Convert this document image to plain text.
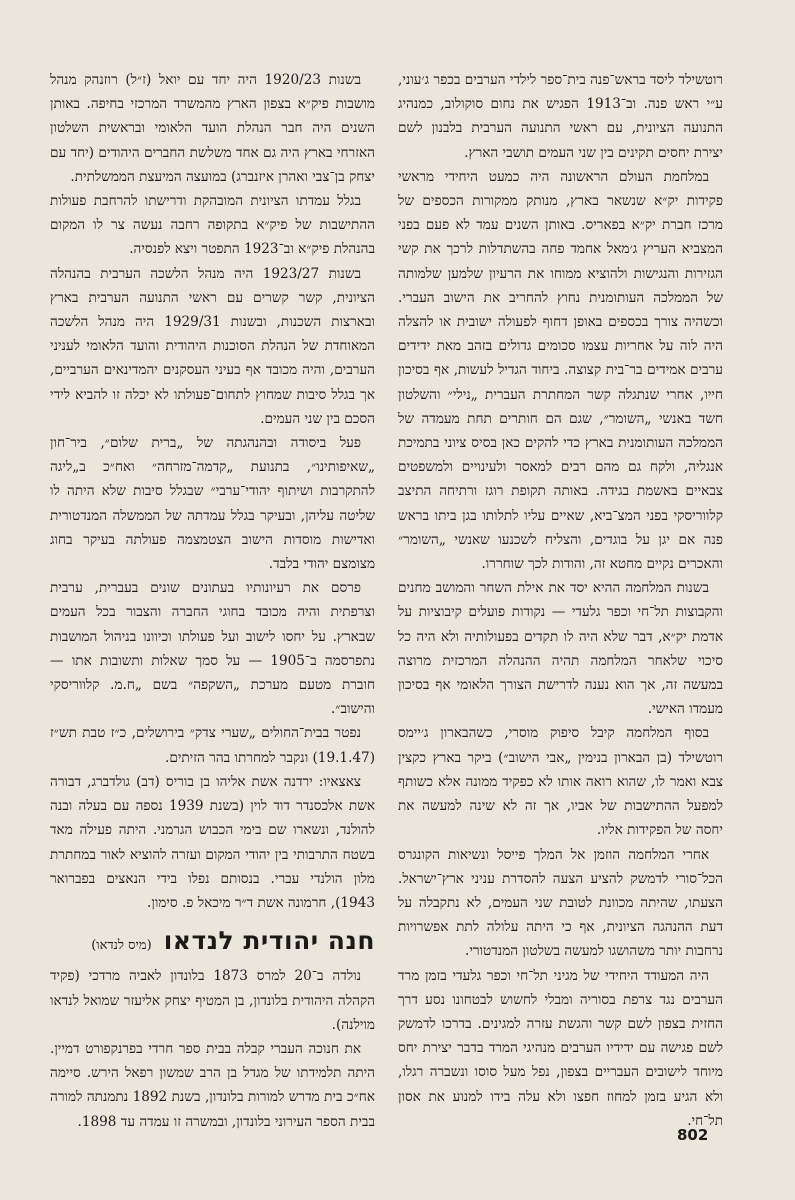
רוטשילד ליסד בראש־פנה בית־ספר לילדי הערבים בכפר ג׳עוני, ע״י ראש פנה. וב־1913 הפגיש את נחום סוקולוב, כמנהיג התנועה הציונית, עם ראשי התנועה הערבית בלבנון לשם יצירת יחסים תקינים בין שני העמים תושבי הארץ.

במלחמת העולם הראשונה היה כמעט היחידי מראשי פקידות יק״א שנשאר בארץ, מנותק ממקורות הכספים של מרכז חברת יק״א בפאריס. באותן השנים עמד לא פעם בפני המצביא העריץ ג׳מאל אחמד פחה בהשתדלות לרכך את קשי הגזירות והנגישות ולהוציא ממוחו את הרעיון שלמען שלמותה של הממלכה העותומנית נחוץ להחריב את הישוב העברי. וכשהיה צורך בכספים באופן דחוף לפעולה ישובית או להצלה היה לוה על אחריות עצמו סכומים גדולים בזהב מאת ידידים ערבים אמידים בר־בית קצוצה. ביחוד הגדיל לעשות, אף בסיכון חייו, אחרי שנתגלה קשר המחתרת העברית „נילי״ והשלטון חשד באנשי „השומר״, שגם הם חותרים תחת מעמדה של הממלכה העותומנית בארץ כדי להקים כאן בסיס ציוני בתמיכת אנגליה, ולקח גם מהם רבים למאסר ולעינויים ולמשפטים צבאיים באשמת בגידה. באותה תקופת רוגז ורתיחה התיצב קלווריסקי בפני המצ־ביא, שאיים עליו לתלותו בגן ביתו בראש פנה אם יגן על בוגדים, והצליח לשכנעו שאנשי „השומר״ והאכרים נקיים מחטא זה, והודות לכך שוחררו.

בשנות המלחמה ההיא יסד את אילת השחר והמושב מחנים והקבוצות תל־חי וכפר גלעדי — נקודות פועלים קיבוציות על אדמת יק״א, דבר שלא היה לו תקדים בפעולותיה ולא היה כל סיכוי שלאחר המלחמה תהיה ההנהלה המרכזית מרוצה במעשה זה, אך הוא נענה לדרישת הצורך הלאומי אף בסיכון מעמדו האישי.

בסוף המלחמה קיבל סיפוק מוסרי, כשהבארון ג׳יימס רוטשילד (בן הבארון בנימין „אבי הישוב״) ביקר בארץ כקצין צבא ואמר לו, שהוא רואה אותו לא כפקיד ממונה אלא כשותף למפעל ההתישבות של אביו, אך זה לא שינה למעשה את יחסה של הפקידות אליו.

אחרי המלחמה הוזמן אל המלך פייסל ונשיאות הקונגרס הכל־סורי לדמשק להציע הצעה להסדרת עניני ארץ־ישראל. הצעתו, שהיתה מכוונת לטובת שני העמים, לא נתקבלה על דעת ההנהגה הציונית, אף כי היתה עלולה לתת אפשרויות נרחבות יותר משהושגו למעשה בשלטון המנדטורי.

היה המעודד היחידי של מגיני תל־חי וכפר גלעדי בזמן מרד הערבים נגד צרפת בסוריה ומבלי לחשוש לבטחונו נסע דרך החזית בצפון לשם קשר והגשת עזרה למגינים. בדרכו לדמשק לשם פגישה עם ידידיו הערבים מנהיגי המרד בדבר יצירת יחס מיוחד לישובים העבריים בצפון, נפל מעל סוסו ונשברה רגלו, ולא הגיע בזמן למחוז חפצו ולא עלה בידו למנוע את אסון תל־חי.

בשנות 1920/23 היה יחד עם יואל (ז״ל) רוזנהק מנהל מושבות פיק״א בצפון הארץ מהמשרד המרכזי בחיפה. באותן השנים היה חבר הנהלת הועד הלאומי ובראשית השלטון האזרחי בארץ היה גם אחד משלשת החברים היהודים (יחד עם יצחק בן־צבי ואהרן איזנברג) במועצה המיעצת הממשלתית.

בגלל עמדתו הציונית המובהקת ודרישתו להרחבת פעולות ההתישבות של פיק״א בתקופה רחבה נעשה צר לו המקום בהנהלת פיק״א וב־1923 התפטר ויצא לפנסיה.

בשנות 1923/27 היה מנהל הלשכה הערבית בהנהלה הציונית, קשר קשרים עם ראשי התנועה הערבית בארץ ובארצות השכנות, ובשנות 1929/31 היה מנהל הלשכה המאוחדת של הנהלת הסוכנות היהודית והועד הלאומי לעניני הערבים, והיה מכובד אף בעיני העסקנים יהמדינאים הערביים, אך בגלל סיבות שמחוץ לתחום־פעולתו לא יכלה זו להביא לידי הסכם בין שני העמים.

פעל ביסודה ובהנהגתה של „ברית שלום״, ביר־חון „שאיפותינו״, בתנועת „קדמה־מזרחה״ ואח״כ ב„ליגה להתקרבות ושיתוף יהודי־ערבי״ שבגלל סיבות שלא היתה לו שליטה עליהן, ובעיקר בגלל עמדתה של הממשלה המנדטורית ואדישות מוסדות הישוב הצטמצמה פעולתה בעיקר בחוג מצומצם יהודי בלבד.

פרסם את רעיונותיו בעתונים שונים בעברית, ערבית וצרפתית והיה מכובד בחוגי החברה והצבור בכל העמים שבארץ. על יחסו לישוב ועל פעולתו וכיוונו בניהול המושבות נתפרסמה ב־1905 — על סמך שאלות ותשובות אתו — חוברת מטעם מערכת „השקפה״ בשם „ח.מ. קלווריסקי והישוב״.

נפטר בבית־החולים „שערי צדק״ בירושלים, כ״ז טבת תש״ז (19.1.47) ונקבר למחרתו בהר הזיתים.

צאצאיו: ירדנה אשת אליהו בן בוריס (דב) גולדברג, דבורה אשת אלכסנדר דוד לוין (בשנת 1939 נספה עם בעלה ובנה להולנד, ונשארו שם בימי הכבוש הגרמני. היתה פעילה מאד בשטח התרבותי בין יהודי המקום ועזרה להוציא לאור במחתרת מלון הולנדי עברי. בנסותם נפלו בידי הנאצים בפברואר 1943), חרמונה אשת ד״ר מיכאל פ. סימון.

חנה יהודית לנדאו
(מיס לנדאו)

נולדה ב־20 למרס 1873 בלונדון לאביה מרדכי (פקיד הקהלה היהודית בלונדון, בן המטיף יצחק אליעזר שמואל לנדאו מוילנה).

את חנוכה העברי קבלה בבית ספר חרדי בפרנקפורט דמיין. היתה תלמידתו של מגדל בן הרב שמשון רפאל הירש. סיימה אח״כ בית מדרש למורות בלונדון, בשנת 1892 נתמנתה למורה בבית הספר העירוני בלונדון, ובמשרה זו עמדה עד 1898.

802
